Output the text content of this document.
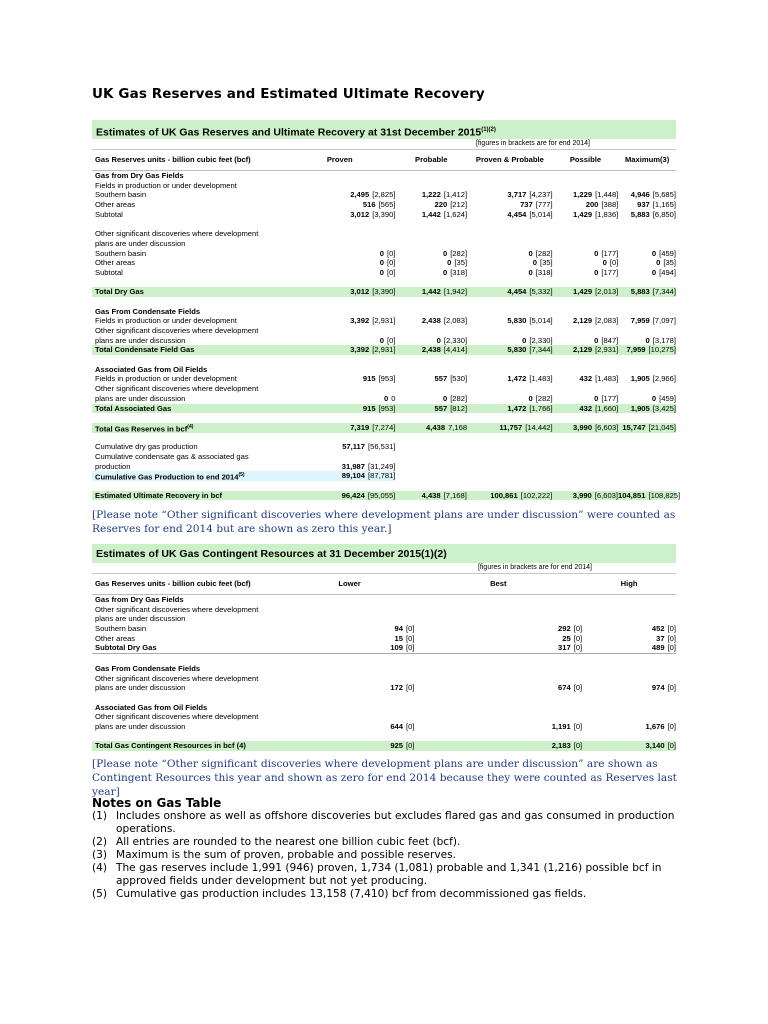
UK Gas Reserves and Estimated Ultimate Recovery
Estimates of UK Gas Reserves and Ultimate Recovery at 31st December $2015^{(1)(2)}$
[figures in brackets are for end 2014]
Gas Reserves units - billion cubic feet (bcf)	Proven	Probable	Proven & Probable	Possible	Maximum(3)
Gas from Dry Gas Fields
Fields in production or under development
Southern basin	2,495 [2,825]	1,222 [1,412]	3,717 [4,237]	1,229 [1,448]	4,946 [5,685]
Other areas	516 [565]	220 [212]	737 [777]	200 [388]	937 [1,165]
Subtotal	3,012 [3,390]	1,442 [1,624]	4,454 [5,014]	1,429 [1,836]	5,883 [6,850]
Other significant discoveries where development
plans are under discussion
Southern basin	0 [0]	0 [282]	0 [282]	0 [177]	0 [459]
Other areas	0 [0]	0 [35]	0 [35]	0 [0]	0 [35]
Subtotal	0 [0]	0 [318]	0 [318]	0 [177]	0 [494]
Total Dry Gas	3,012 [3,390]	1,442 [1,942]	4,454 [5,332]	1,429 [2,013]	5,883 [7,344]
Gas From Condensate Fields
Fields in production or under development	3,392 [2,931]	2,438 [2,083]	5,830 [5,014]	2,129 [2,083]	7,959 [7,097]
Other significant discoveries where development
plans are under discussion	0 [0]	0 [2,330]	0 [2,330]	0 [847]	0 [3,178]
Total Condensate Field Gas	3,392 [2,931]	2,438 [4,414]	5,830 [7,344]	2,129 [2,931]	7,959 [10,275]
Associated Gas from Oil Fields
Fields in production or under development	915 [953]	557 [530]	1,472 [1,483]	432 [1,483]	1,905 [2,966]
Other significant discoveries where development
plans are under discussion	0 0	0 [282]	0 [282]	0 [177]	0 [459]
Total Associated Gas	915 [953]	557 [812]	1,472 [1,766]	432 [1,660]	1,905 [3,425]
Total Gas Reserves in bcf$^{(4)}$	7,319 [7,274]	4,438 7,168	11,757 [14,442]	3,990 [6,603] 15,747 [21,045]
Cumulative dry gas production	57,117 [56,531]
Cumulative condensate gas & associated gas
production	31,987 [31,249]
Cumulative Gas Production to end 2014$^{(5)}$	89,104 [87,781]
Estimated Ultimate Recovery in bcf	96,424 [95,055]	4,438 [7,168]	100,861 [102,222]	3,990 [6,603] 104,851 [108,825]
[Please note “Other significant discoveries where development plans are under discussion” were counted as Reserves for end 2014 but are shown as zero this year.]
Estimates of UK Gas Contingent Resources at 31 December 2015(1)(2)
[figures in brackets are for end 2014]
Gas Reserves units - billion cubic feet (bcf)	Lower	Best	High
Gas from Dry Gas Fields
Other significant discoveries where development
plans are under discussion
Southern basin	94 [0]	292 [0]	452 [0]
Other areas	15 [0]	25 [0]	37 [0]
Subtotal Dry Gas	109 [0]	317 [0]	489 [0]
Gas From Condensate Fields
Other significant discoveries where development
plans are under discussion	172 [0]	674 [0]	974 [0]
Associated Gas from Oil Fields
Other significant discoveries where development
plans are under discussion	644 [0]	1,191 [0]	1,676 [0]
Total Gas Contingent Resources in bcf (4)	925 [0]	2,183 [0]	3,140 [0]
[Please note “Other significant discoveries where development plans are under discussion” are shown as Contingent Resources this year and shown as zero for end 2014 because they were counted as Reserves last year]
Notes on Gas Table
(1) Includes onshore as well as offshore discoveries but excludes flared gas and gas consumed in production operations.
(2) All entries are rounded to the nearest one billion cubic feet (bcf).
(3) Maximum is the sum of proven, probable and possible reserves.
(4) The gas reserves include 1,991 (946) proven, 1,734 (1,081) probable and 1,341 (1,216) possible bcf in approved fields under development but not yet producing.
(5) Cumulative gas production includes 13,158 (7,410) bcf from decommissioned gas fields.
